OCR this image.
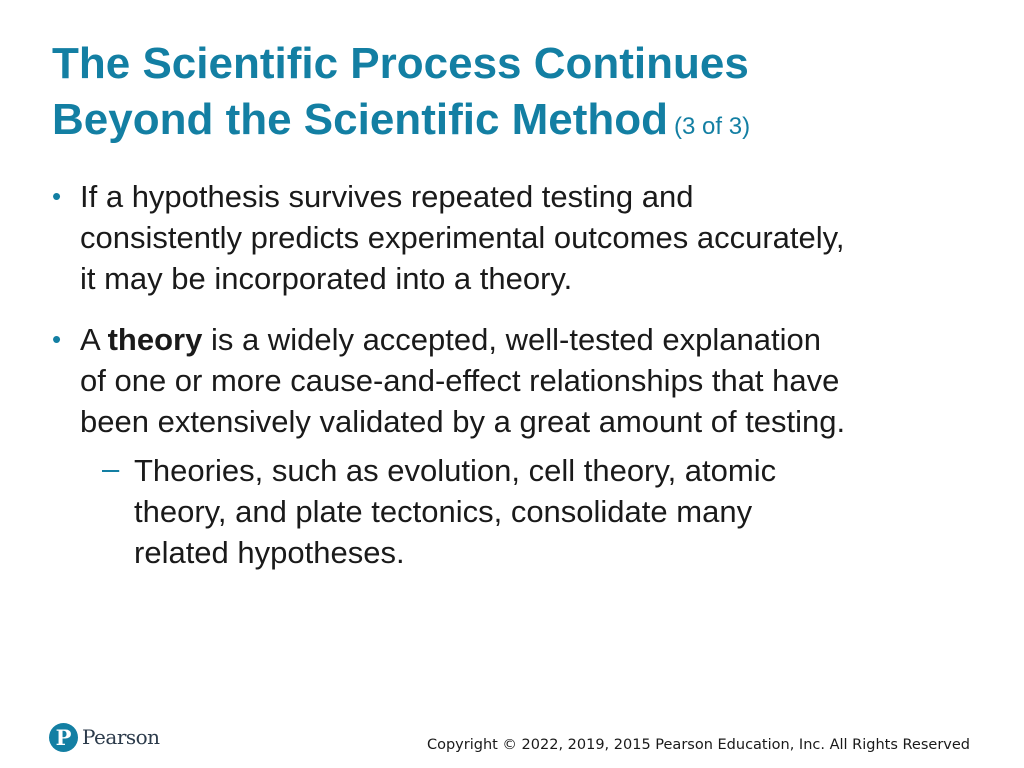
The Scientific Process Continues
Beyond the Scientific Method (3 of 3)
• If a hypothesis survives repeated testing and consistently predicts experimental outcomes accurately, it may be incorporated into a theory.
• A theory is a widely accepted, well-tested explanation of one or more cause-and-effect relationships that have been extensively validated by a great amount of testing.
– Theories, such as evolution, cell theory, atomic theory, and plate tectonics, consolidate many related hypotheses.
P Pearson	Copyright © 2022, 2019, 2015 Pearson Education, Inc. All Rights Reserved
